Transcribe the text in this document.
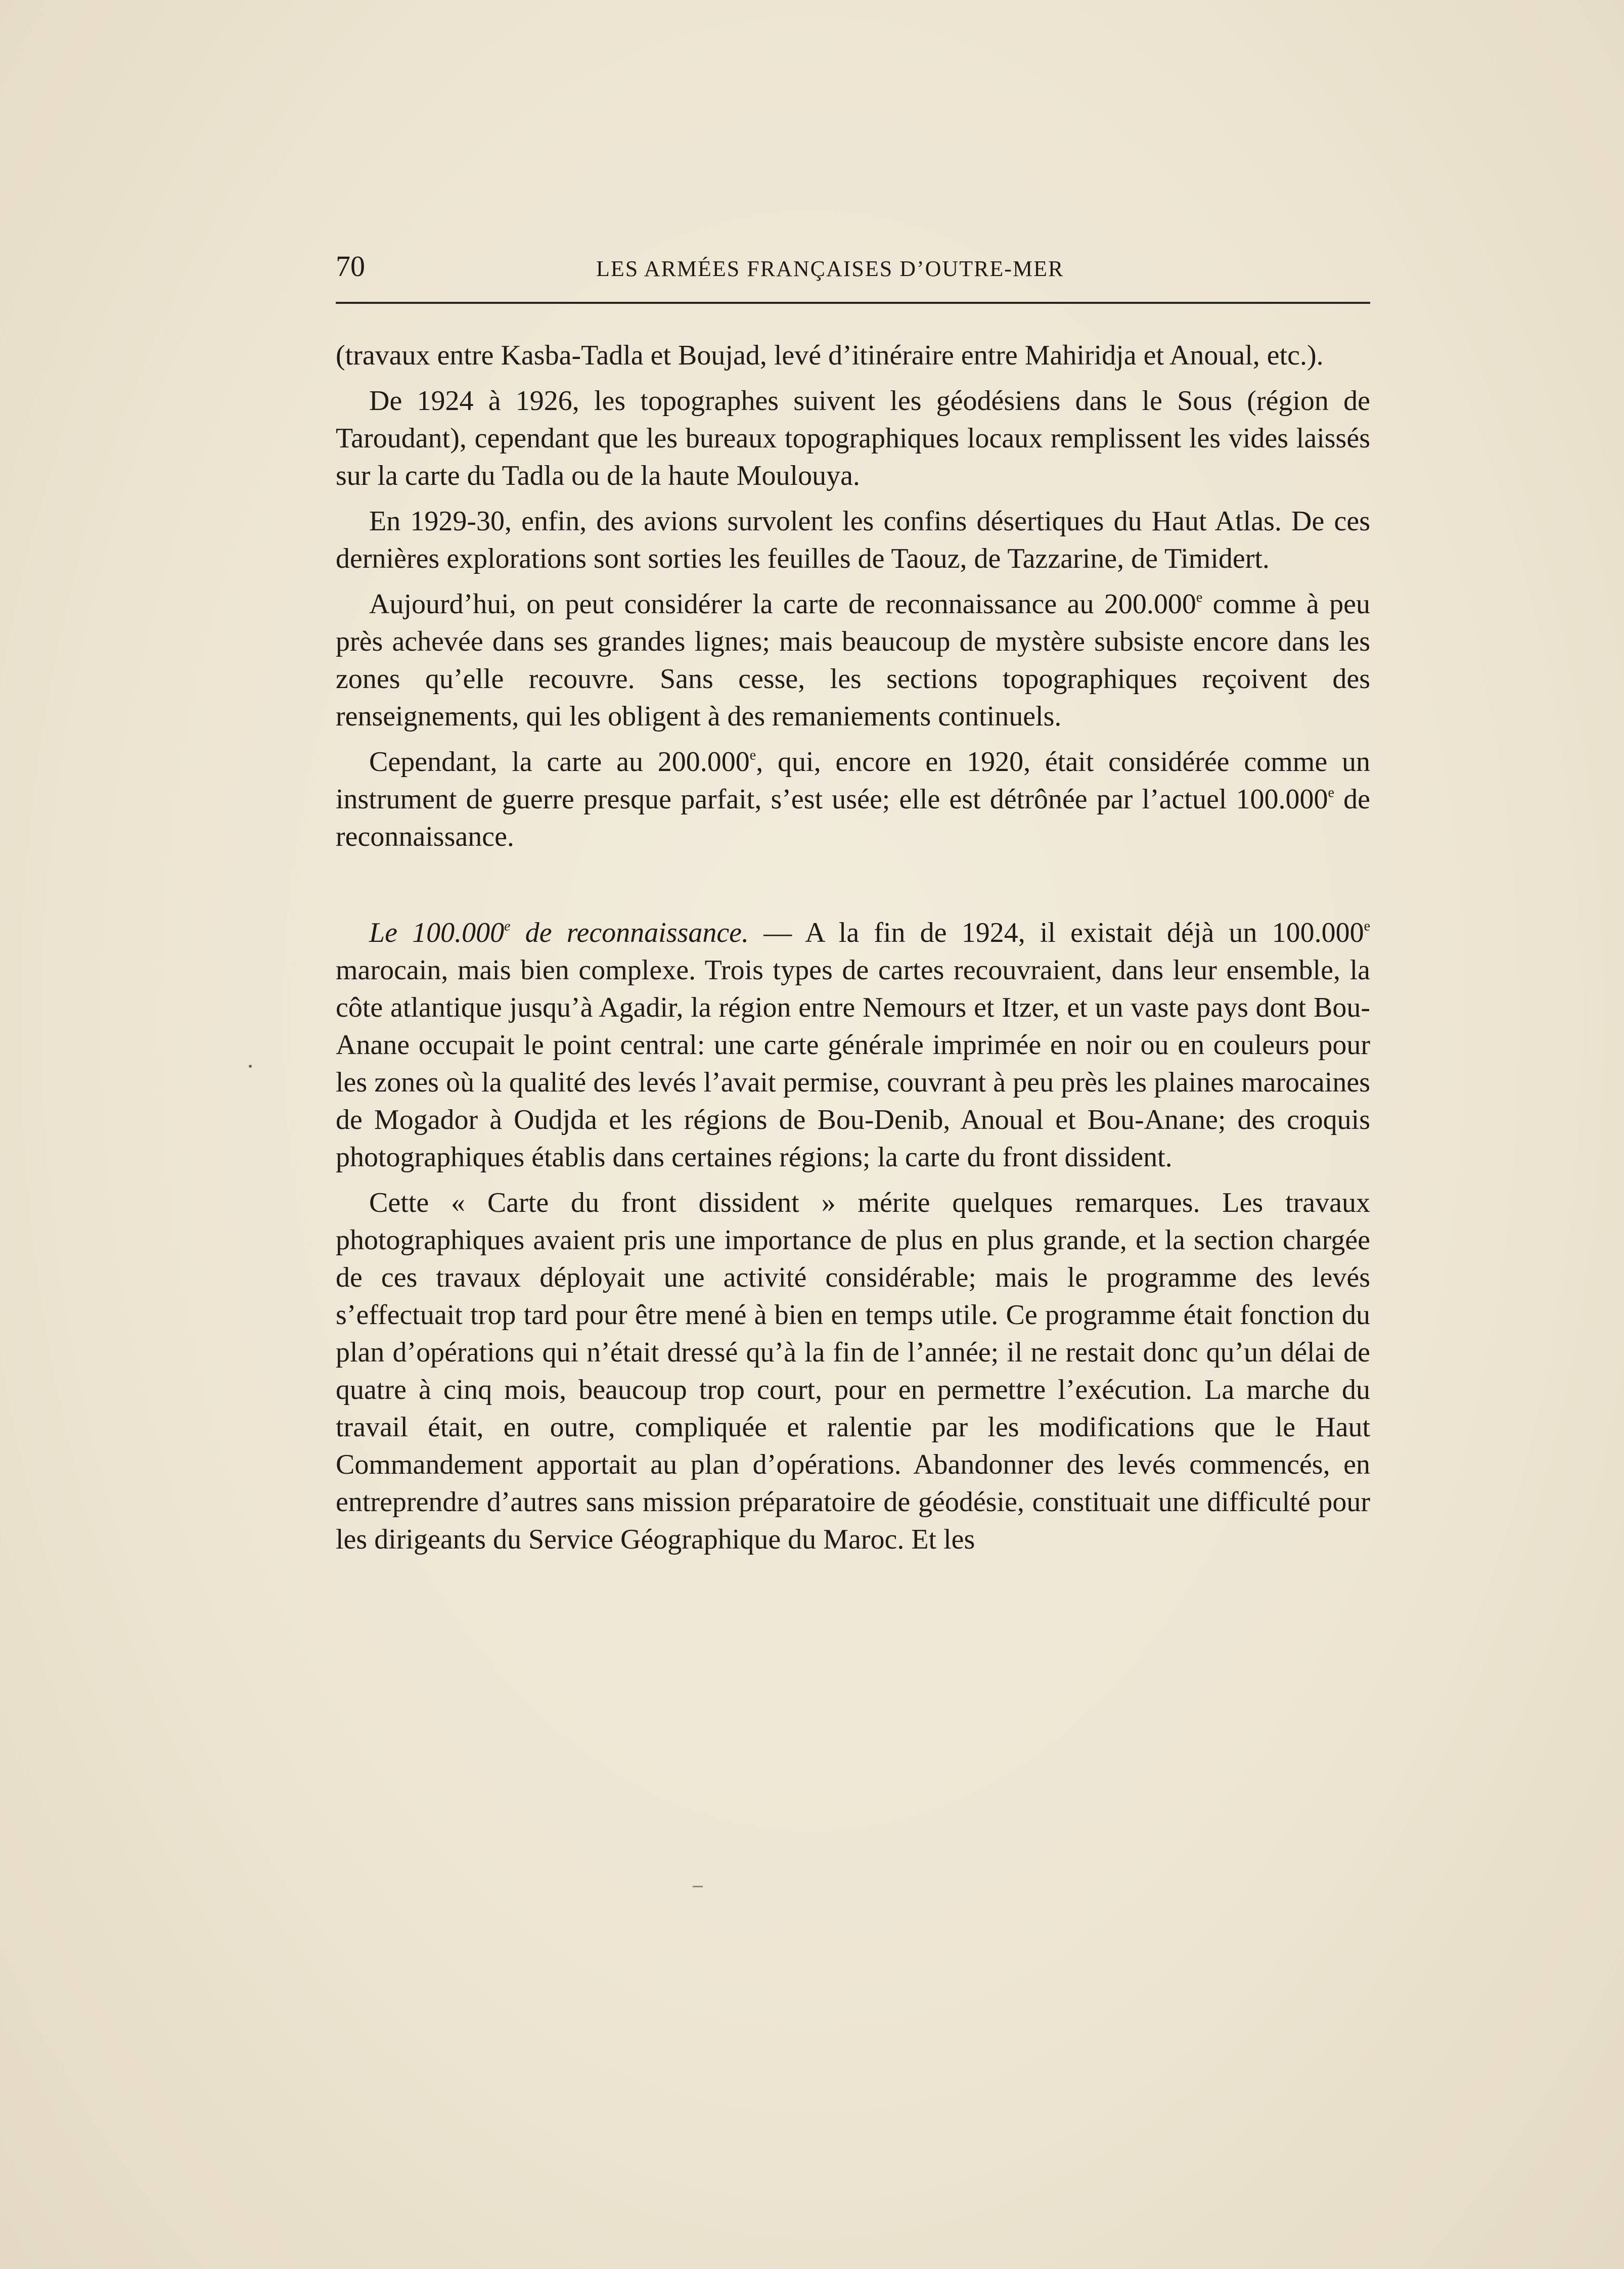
70	LES ARMÉES FRANÇAISES D’OUTRE-MER

(travaux entre Kasba-Tadla et Boujad, levé d’itinéraire entre Mahiridja et Anoual, etc.).

De 1924 à 1926, les topographes suivent les géodésiens dans le Sous (région de Taroudant), cependant que les bureaux topographiques locaux remplissent les vides laissés sur la carte du Tadla ou de la haute Moulouya.

En 1929-30, enfin, des avions survolent les confins désertiques du Haut Atlas. De ces dernières explorations sont sorties les feuilles de Taouz, de Tazzarine, de Timidert.

Aujourd’hui, on peut considérer la carte de reconnaissance au 200.000e comme à peu près achevée dans ses grandes lignes; mais beaucoup de mystère subsiste encore dans les zones qu’elle recouvre. Sans cesse, les sections topographiques reçoivent des renseignements, qui les obligent à des remaniements continuels.

Cependant, la carte au 200.000e, qui, encore en 1920, était considérée comme un instrument de guerre presque parfait, s’est usée; elle est détrônée par l’actuel 100.000e de reconnaissance.

Le 100.000e de reconnaissance. — A la fin de 1924, il existait déjà un 100.000e marocain, mais bien complexe. Trois types de cartes recouvraient, dans leur ensemble, la côte atlantique jusqu’à Agadir, la région entre Nemours et Itzer, et un vaste pays dont Bou-Anane occupait le point central: une carte générale imprimée en noir ou en couleurs pour les zones où la qualité des levés l’avait permise, couvrant à peu près les plaines marocaines de Mogador à Oudjda et les régions de Bou-Denib, Anoual et Bou-Anane; des croquis photographiques établis dans certaines régions; la carte du front dissident.

Cette « Carte du front dissident » mérite quelques remarques. Les travaux photographiques avaient pris une importance de plus en plus grande, et la section chargée de ces travaux déployait une activité considérable; mais le programme des levés s’effectuait trop tard pour être mené à bien en temps utile. Ce programme était fonction du plan d’opérations qui n’était dressé qu’à la fin de l’année; il ne restait donc qu’un délai de quatre à cinq mois, beaucoup trop court, pour en permettre l’exécution. La marche du travail était, en outre, compliquée et ralentie par les modifications que le Haut Commandement apportait au plan d’opérations. Abandonner des levés commencés, en entreprendre d’autres sans mission préparatoire de géodésie, constituait une difficulté pour les dirigeants du Service Géographique du Maroc. Et les
